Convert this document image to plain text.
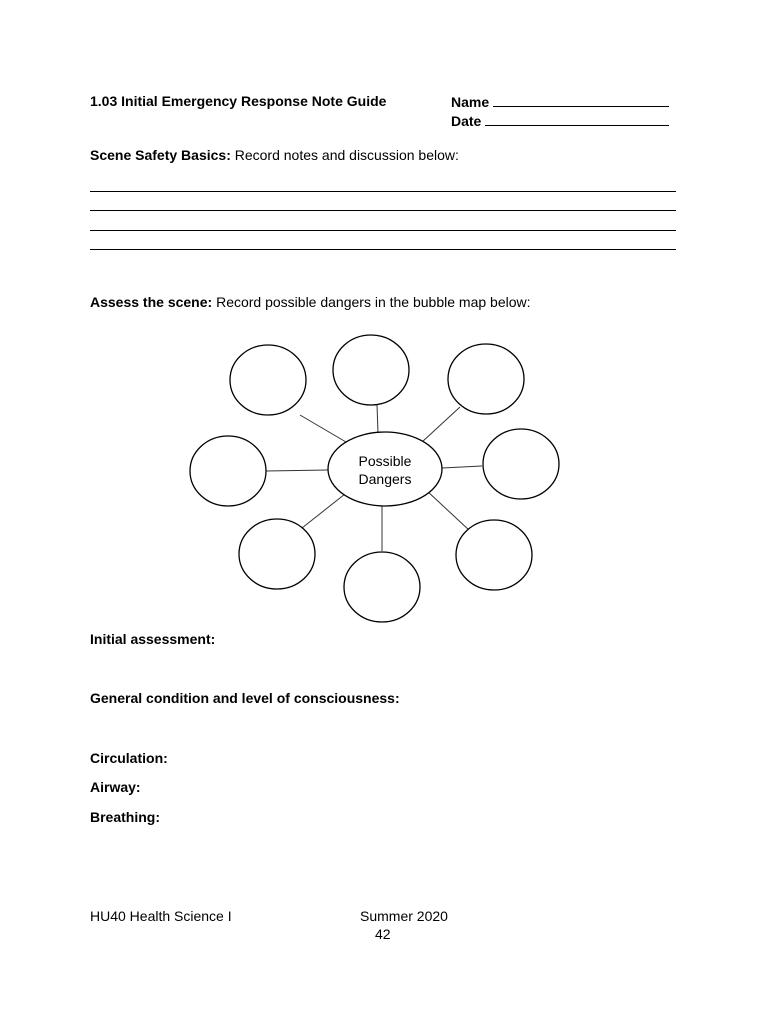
1.03 Initial Emergency Response Note Guide	Name
Date
Scene Safety Basics: Record notes and discussion below:
Assess the scene: Record possible dangers in the bubble map below:
Possible
Dangers
Initial assessment:
General condition and level of consciousness:
Circulation:
Airway:
Breathing:
HU40 Health Science I	Summer 2020
42
